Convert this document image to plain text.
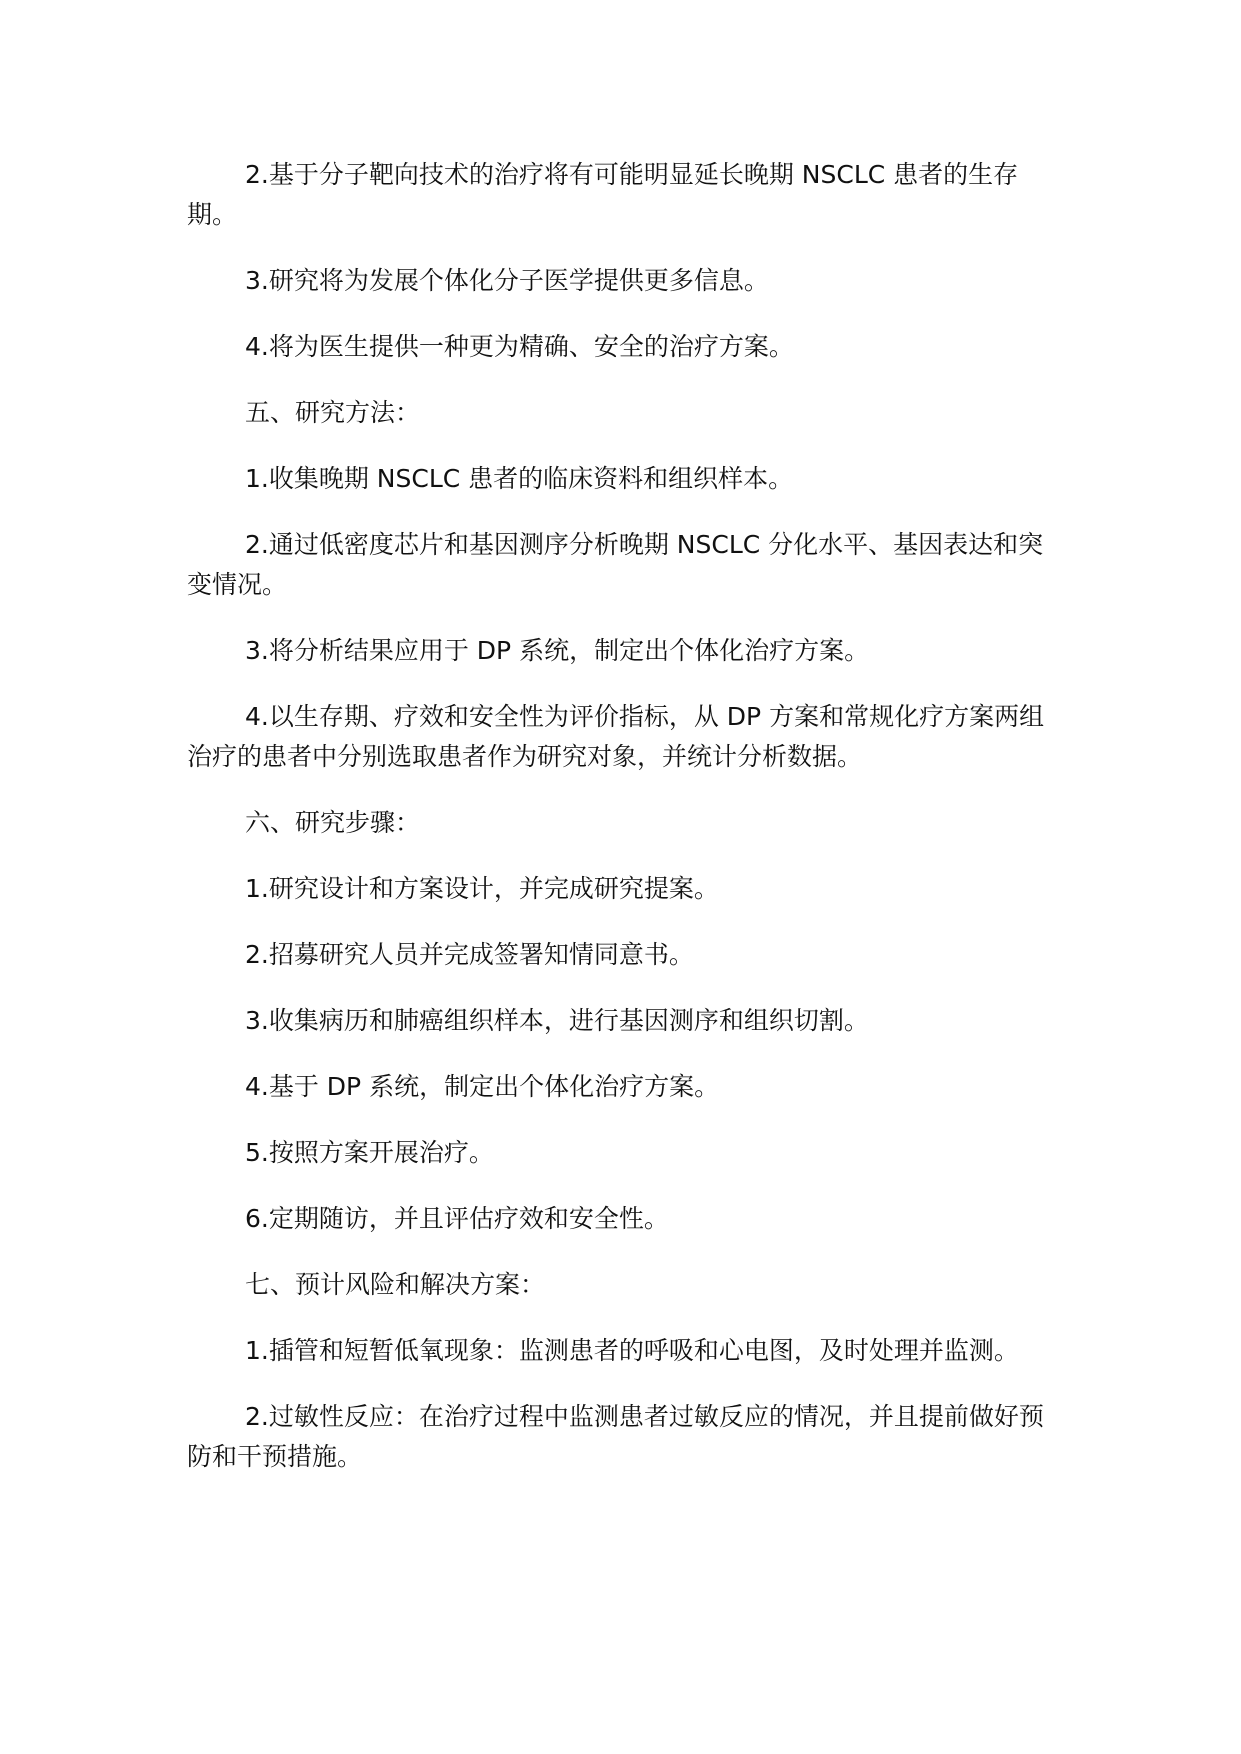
2.基于分子靶向技术的治疗将有可能明显延长晚期 NSCLC 患者的生存期。

3.研究将为发展个体化分子医学提供更多信息。

4.将为医生提供一种更为精确、安全的治疗方案。

五、研究方法：

1.收集晚期 NSCLC 患者的临床资料和组织样本。

2.通过低密度芯片和基因测序分析晚期 NSCLC 分化水平、基因表达和突变情况。

3.将分析结果应用于 DP 系统，制定出个体化治疗方案。

4.以生存期、疗效和安全性为评价指标，从 DP 方案和常规化疗方案两组治疗的患者中分别选取患者作为研究对象，并统计分析数据。

六、研究步骤：

1.研究设计和方案设计，并完成研究提案。

2.招募研究人员并完成签署知情同意书。

3.收集病历和肺癌组织样本，进行基因测序和组织切割。

4.基于 DP 系统，制定出个体化治疗方案。

5.按照方案开展治疗。

6.定期随访，并且评估疗效和安全性。

七、预计风险和解决方案：

1.插管和短暂低氧现象：监测患者的呼吸和心电图，及时处理并监测。

2.过敏性反应：在治疗过程中监测患者过敏反应的情况，并且提前做好预防和干预措施。
